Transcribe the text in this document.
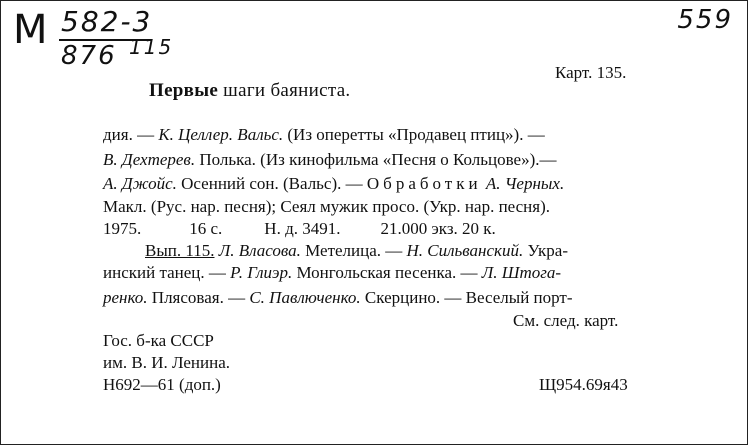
М 582-3
876 115
559
Карт. 135.
Первые шаги баяниста.
дия. — К. Целлер. Вальс. (Из оперетты «Продавец птиц»). —
В. Дехтерев. Полька. (Из кинофильма «Песня о Кольцове»).—
А. Джойс. Осенний сон. (Вальс). — Обработки А. Черных.
Макл. (Рус. нар. песня); Сеял мужик просо. (Укр. нар. песня).
1975.	16 с. Н. д. 3491. 21.000 экз. 20 к.
Вып. 115. Л. Власова. Метелица. — Н. Сильванский. Укра-
инский танец. — Р. Глиэр. Монгольская песенка. — Л. Штогa-
ренко. Плясовая. — С. Павлюченко. Скерцино. — Веселый порт-
См. след. карт.
Гос. б-ка СССР
им. В. И. Ленина.
Н692—61 (доп.)	Щ954.69я43
